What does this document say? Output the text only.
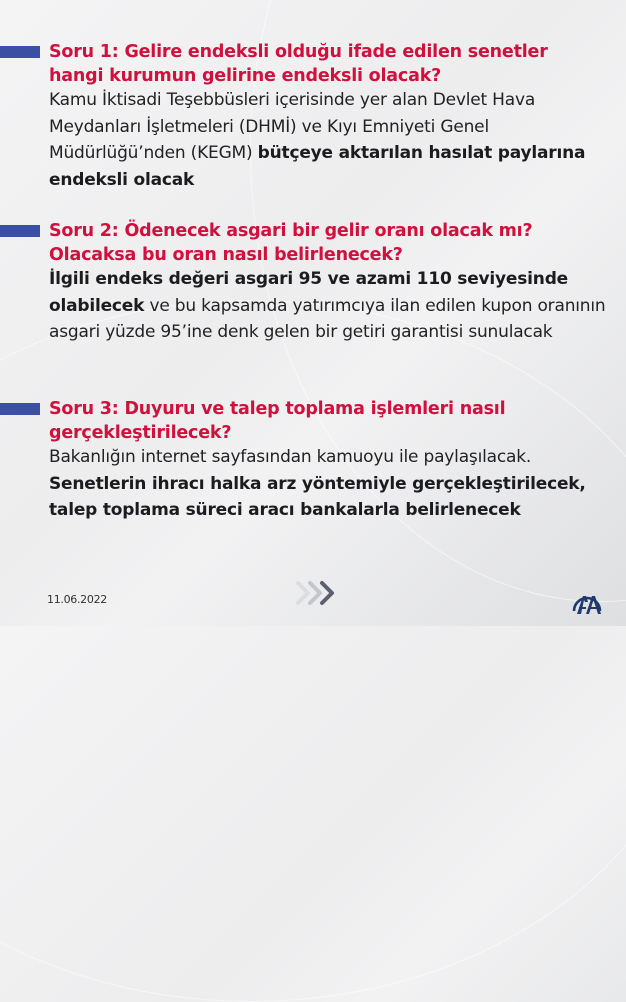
Soru 1: Gelire endeksli olduğu ifade edilen senetler
hangi kurumun gelirine endeksli olacak?
Kamu İktisadi Teşebbüsleri içerisinde yer alan Devlet Hava Meydanları İşletmeleri (DHMİ) ve Kıyı Emniyeti Genel Müdürlüğü’nden (KEGM) bütçeye aktarılan hasılat paylarına endeksli olacak
Soru 2: Ödenecek asgari bir gelir oranı olacak mı?
Olacaksa bu oran nasıl belirlenecek?
İlgili endeks değeri asgari 95 ve azami 110 seviyesinde olabilecek ve bu kapsamda yatırımcıya ilan edilen kupon oranının asgari yüzde 95’ine denk gelen bir getiri garantisi sunulacak
Soru 3: Duyuru ve talep toplama işlemleri nasıl
gerçekleştirilecek?
Bakanlığın internet sayfasından kamuoyu ile paylaşılacak. Senetlerin ihracı halka arz yöntemiyle gerçekleştirilecek, talep toplama süreci aracı bankalarla belirlenecek
11.06.2022
